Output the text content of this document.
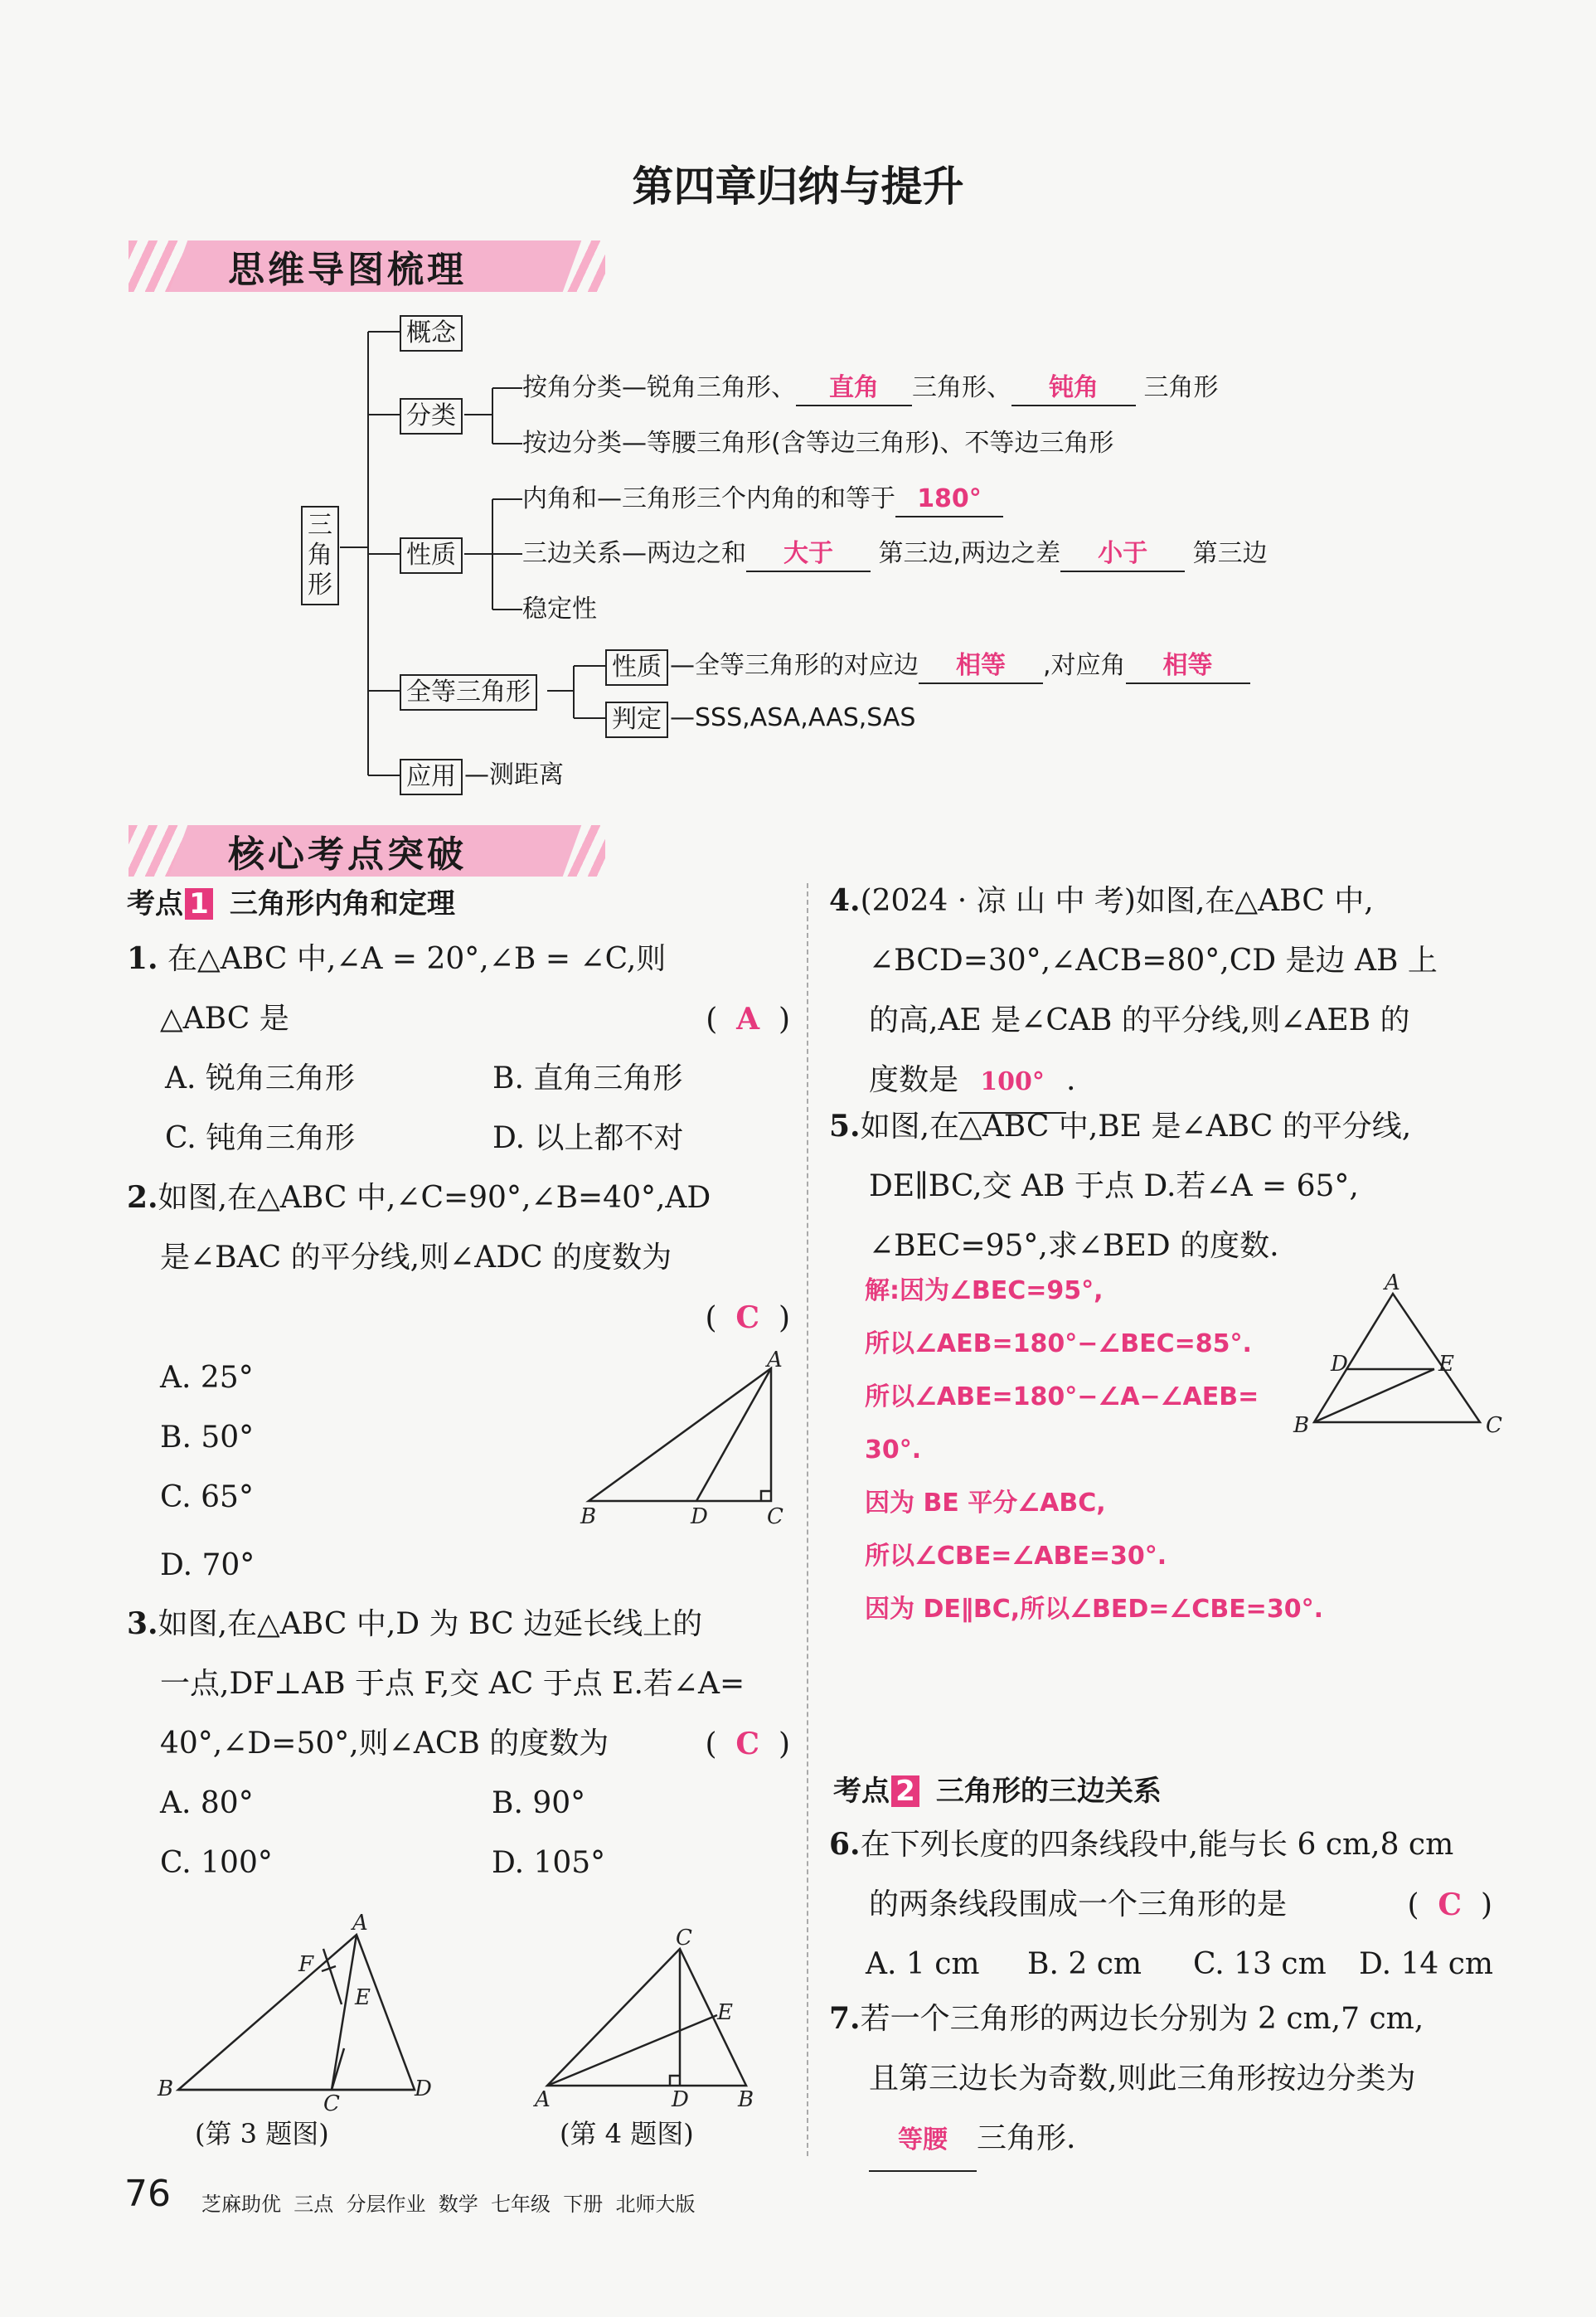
第四章归纳与提升
思维导图梳理
三
角
形
概念
分类
性质
全等三角形
应用
性质
判定
按角分类—锐角三角形、 直角 三角形、 钝角 三角形
按边分类—等腰三角形(含等边三角形)、不等边三角形
内角和—三角形三个内角的和等于 180°
三边关系—两边之和 大于 第三边,两边之差 小于 第三边
稳定性
—全等三角形的对应边 相等 ,对应角 相等
—SSS,ASA,AAS,SAS
—测距离
核心考点突破
考点 1 三角形内角和定理
1. 在△ABC 中,∠A = 20°,∠B = ∠C,则
△ABC 是	(  A  )
A. 锐角三角形	B. 直角三角形
C. 钝角三角形	D. 以上都不对
2.如图,在△ABC 中,∠C=90°,∠B=40°,AD
是∠BAC 的平分线,则∠ADC 的度数为
(  C  )
A. 25°
B. 50°
C. 65°
D. 70°
A
B	D	C
3.如图,在△ABC 中,D 为 BC 边延长线上的
一点,DF⊥AB 于点 F,交 AC 于点 E.若∠A=
40°,∠D=50°,则∠ACB 的度数为	(  C  )
A. 80°	B. 90°
C. 100°	D. 105°
A
F
E
B
C
D
(第 3 题图)
C
E
A	D B
(第 4 题图)
4.(2024 · 凉 山 中 考)如图,在△ABC 中,
∠BCD=30°,∠ACB=80°,CD 是边 AB 上
的高,AE 是∠CAB 的平分线,则∠AEB 的
度数是 100° .
5.如图,在△ABC 中,BE 是∠ABC 的平分线,
DE∥BC,交 AB 于点 D.若∠A = 65°,
∠BEC=95°,求∠BED 的度数.
解:因为∠BEC=95°,
所以∠AEB=180°−∠BEC=85°.
所以∠ABE=180°−∠A−∠AEB=
30°.
因为 BE 平分∠ABC,
所以∠CBE=∠ABE=30°.
因为 DE∥BC,所以∠BED=∠CBE=30°.
A
D	E
B	C
考点 2 三角形的三边关系
6.在下列长度的四条线段中,能与长 6 cm,8 cm
的两条线段围成一个三角形的是	(  C  )
A. 1 cm	B. 2 cm	C. 13 cm	D. 14 cm
7.若一个三角形的两边长分别为 2 cm,7 cm,
且第三边长为奇数,则此三角形按边分类为
等腰 三角形.
76 芝麻助优  三点  分层作业  数学  七年级  下册  北师大版
